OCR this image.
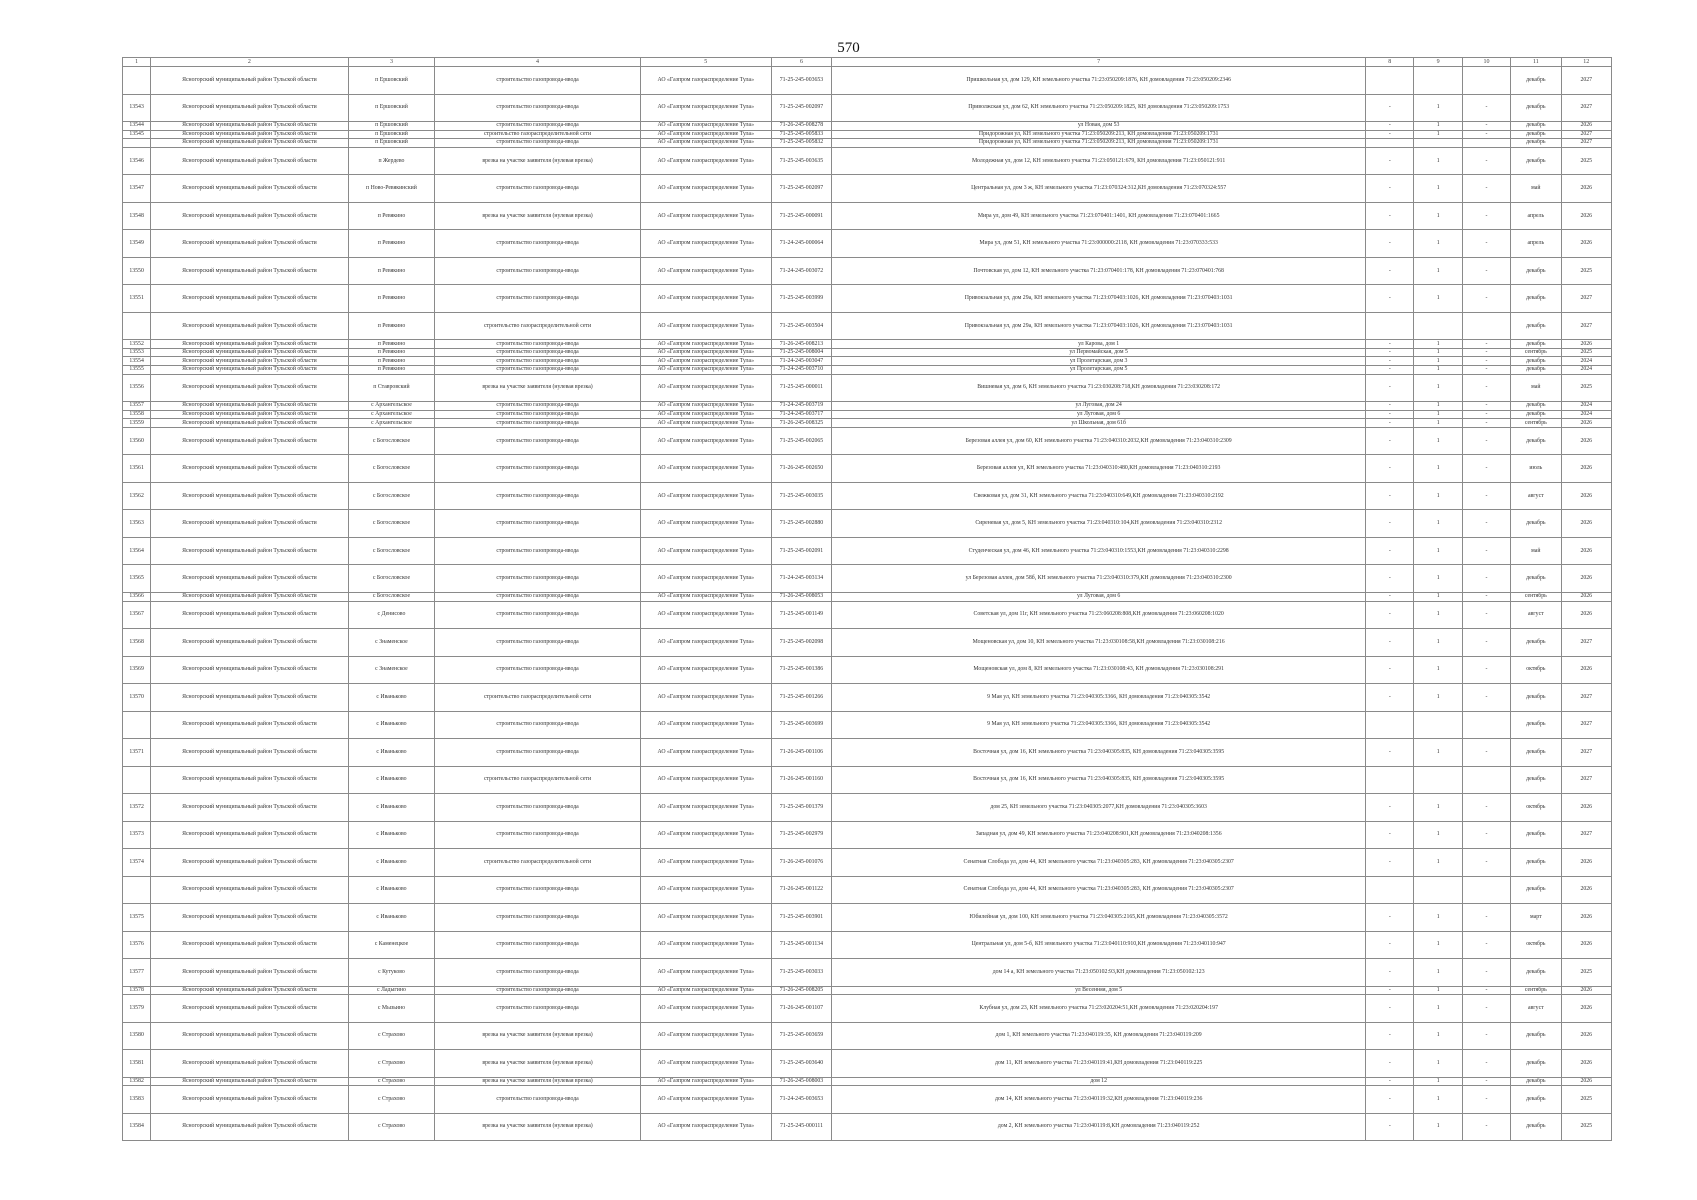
570
1	2	3	4	5	6	7	8	9	10	11	12
	Ясногорский муниципальный район Тульской области	п Ершовский	строительство газопровода-ввода	АО «Газпром газораспределение Тула»	71-25-245-003653	Пришкольная ул, дом 129, КН земельного участка 71:23:050209:1876, КН домовладения 71:23:050209:2346				декабрь	2027
13543	Ясногорский муниципальный район Тульской области	п Ершовский	строительство газопровода-ввода	АО «Газпром газораспределение Тула»	71-25-245-002097	Приволжская ул, дом 62, КН земельного участка 71:23:050209:1825, КН домовладения 71:23:050209:1753	-	1	-	декабрь	2027
13544	Ясногорский муниципальный район Тульской области	п Ершовский	строительство газопровода-ввода	АО «Газпром газораспределение Тула»	71-26-245-008278	ул Новая, дом 53	-	1	-	декабрь	2026
13545	Ясногорский муниципальный район Тульской области	п Ершовский	строительство газораспределительной сети	АО «Газпром газораспределение Тула»	71-25-245-005833	Придорожная ул, КН земельного участка 71:23:050209:213, КН домовладения 71:23:050209:1731	-	1	-	декабрь	2027
	Ясногорский муниципальный район Тульской области	п Ершовский	строительство газопровода-ввода	АО «Газпром газораспределение Тула»	71-25-245-005832	Придорожная ул, КН земельного участка 71:23:050209:213, КН домовладения 71:23:050209:1731				декабрь	2027
13546	Ясногорский муниципальный район Тульской области	п Жердево	врезка на участке заявителя (нулевая врезка)	АО «Газпром газораспределение Тула»	71-25-245-003635	Молодежная ул, дом 12, КН земельного участка 71:23:050121:679, КН домовладения 71:23:050121:911	-	1	-	декабрь	2025
13547	Ясногорский муниципальный район Тульской области	п Ново-Ревякинский	строительство газопровода-ввода	АО «Газпром газораспределение Тула»	71-25-245-002097	Центральная ул, дом 3 ж, КН земельного участка 71:23:070324:312,КН домовладения 71:23:070324:557	-	1	-	май	2026
13548	Ясногорский муниципальный район Тульской области	п Ревякино	врезка на участке заявителя (нулевая врезка)	АО «Газпром газораспределение Тула»	71-25-245-000091	Мира ул, дом 49, КН земельного участка 71:23:070401:1401, КН домовладения 71:23:070401:1665	-	1	-	апрель	2026
13549	Ясногорский муниципальный район Тульской области	п Ревякино	строительство газопровода-ввода	АО «Газпром газораспределение Тула»	71-24-245-000064	Мира ул, дом 51, КН земельного участка 71:23:000000:2118, КН домовладения 71:23:070333:533	-	1	-	апрель	2026
13550	Ясногорский муниципальный район Тульской области	п Ревякино	строительство газопровода-ввода	АО «Газпром газораспределение Тула»	71-24-245-003072	Почтовская ул, дом 12, КН земельного участка 71:23:070401:178, КН домовладения 71:23:070401:768	-	1	-	декабрь	2025
13551	Ясногорский муниципальный район Тульской области	п Ревякино	строительство газопровода-ввода	АО «Газпром газораспределение Тула»	71-25-245-003999	Привокзальная ул, дом 29а, КН земельного участка 71:23:070403:1026, КН домовладения 71:23:070403:1031	-	1	-	декабрь	2027
	Ясногорский муниципальный район Тульской области	п Ревякино	строительство газораспределительной сети	АО «Газпром газораспределение Тула»	71-25-245-003504	Привокзальная ул, дом 29а, КН земельного участка 71:23:070403:1026, КН домовладения 71:23:070403:1031				декабрь	2027
13552	Ясногорский муниципальный район Тульской области	п Ревякино	строительство газопровода-ввода	АО «Газпром газораспределение Тула»	71-26-245-008213	ул Карова, дом 1	-	1	-	декабрь	2026
13553	Ясногорский муниципальный район Тульской области	п Ревякино	строительство газопровода-ввода	АО «Газпром газораспределение Тула»	71-25-245-008004	ул Первомайская, дом 5	-	1	-	сентябрь	2025
13554	Ясногорский муниципальный район Тульской области	п Ревякино	строительство газопровода-ввода	АО «Газпром газораспределение Тула»	71-24-245-003047	ул Пролетарская, дом 3	-	1	-	декабрь	2024
13555	Ясногорский муниципальный район Тульской области	п Ревякино	строительство газопровода-ввода	АО «Газпром газораспределение Тула»	71-24-245-003710	ул Пролетарская, дом 5	-	1	-	декабрь	2024
13556	Ясногорский муниципальный район Тульской области	п Ставровский	врезка на участке заявителя (нулевая врезка)	АО «Газпром газораспределение Тула»	71-25-245-000011	Вишневая ул, дом 6, КН земельного участка 71:23:030208:718,КН домовладения 71:23:030208:172	-	1	-	май	2025
13557	Ясногорский муниципальный район Тульской области	с Архангельское	строительство газопровода-ввода	АО «Газпром газораспределение Тула»	71-24-245-003719	ул Луговая, дом 24	-	1	-	декабрь	2024
13558	Ясногорский муниципальный район Тульской области	с Архангельское	строительство газопровода-ввода	АО «Газпром газораспределение Тула»	71-24-245-003717	ул Луговая, дом 6	-	1	-	декабрь	2024
13559	Ясногорский муниципальный район Тульской области	с Архангельское	строительство газопровода-ввода	АО «Газпром газораспределение Тула»	71-26-245-008325	ул Школьная, дом 61б	-	1	-	сентябрь	2026
13560	Ясногорский муниципальный район Тульской области	с Богословское	строительство газопровода-ввода	АО «Газпром газораспределение Тула»	71-25-245-002065	Березовая аллея ул, дом 60, КН земельного участка 71:23:040310:2032,КН домовладения 71:23:040310:2309	-	1	-	декабрь	2026
13561	Ясногорский муниципальный район Тульской области	с Богословское	строительство газопровода-ввода	АО «Газпром газораспределение Тула»	71-26-245-002650	Березовая аллея ул, КН земельного участка 71:23:040310:480,КН домовладения 71:23:040310:2193	-	1	-	июль	2026
13562	Ясногорский муниципальный район Тульской области	с Богословское	строительство газопровода-ввода	АО «Газпром газораспределение Тула»	71-25-245-003035	Свежковая ул, дом 31, КН земельного участка 71:23:040310:649,КН домовладения 71:23:040310:2192	-	1	-	август	2026
13563	Ясногорский муниципальный район Тульской области	с Богословское	строительство газопровода-ввода	АО «Газпром газораспределение Тула»	71-25-245-002880	Сиреневая ул, дом 5, КН земельного участка 71:23:040310:104,КН домовладения 71:23:040310:2312	-	1	-	декабрь	2026
13564	Ясногорский муниципальный район Тульской области	с Богословское	строительство газопровода-ввода	АО «Газпром газораспределение Тула»	71-25-245-002091	Студенческая ул, дом 46, КН земельного участка 71:23:040310:1553,КН домовладения 71:23:040310:2298	-	1	-	май	2026
13565	Ясногорский муниципальный район Тульской области	с Богословское	строительство газопровода-ввода	АО «Газпром газораспределение Тула»	71-24-245-003134	ул Березовая аллея, дом 58б, КН земельного участка 71:23:040310:379,КН домовладения 71:23:040310:2300	-	1	-	декабрь	2026
13566	Ясногорский муниципальный район Тульской области	с Богословское	строительство газопровода-ввода	АО «Газпром газораспределение Тула»	71-26-245-008053	ул Луговая, дом 6	-	1	-	сентябрь	2026
13567	Ясногорский муниципальный район Тульской области	с Денисово	строительство газопровода-ввода	АО «Газпром газораспределение Тула»	71-25-245-001149	Советская ул, дом 11г, КН земельного участка 71:23:060208:808,КН домовладения 71:23:060208:1020	-	1	-	август	2026
13568	Ясногорский муниципальный район Тульской области	с Знаменское	строительство газопровода-ввода	АО «Газпром газораспределение Тула»	71-25-245-002098	Мощеновская ул, дом 10, КН земельного участка 71:23:030108:58,КН домовладения 71:23:030108:216	-	1	-	декабрь	2027
13569	Ясногорский муниципальный район Тульской области	с Знаменское	строительство газопровода-ввода	АО «Газпром газораспределение Тула»	71-25-245-001386	Мощеновская ул, дом 8, КН земельного участка 71:23:030108:43, КН домовладения 71:23:030108:291	-	1	-	октябрь	2026
13570	Ясногорский муниципальный район Тульской области	с Иваньково	строительство газораспределительной сети	АО «Газпром газораспределение Тула»	71-25-245-001266	9 Мая ул, КН земельного участка 71:23:040305:3366, КН домовладения 71:23:040305:3542	-	1	-	декабрь	2027
	Ясногорский муниципальный район Тульской области	с Иваньково	строительство газопровода-ввода	АО «Газпром газораспределение Тула»	71-25-245-003699	9 Мая ул, КН земельного участка 71:23:040305:3366, КН домовладения 71:23:040305:3542				декабрь	2027
13571	Ясногорский муниципальный район Тульской области	с Иваньково	строительство газопровода-ввода	АО «Газпром газораспределение Тула»	71-26-245-001106	Восточная ул, дом 16, КН земельного участка 71:23:040305:835, КН домовладения 71:23:040305:3595	-	1	-	декабрь	2027
	Ясногорский муниципальный район Тульской области	с Иваньково	строительство газораспределительной сети	АО «Газпром газораспределение Тула»	71-26-245-001160	Восточная ул, дом 16, КН земельного участка 71:23:040305:835, КН домовладения 71:23:040305:3595				декабрь	2027
13572	Ясногорский муниципальный район Тульской области	с Иваньково	строительство газопровода-ввода	АО «Газпром газораспределение Тула»	71-25-245-001379	дом 25, КН земельного участка 71:23:040305:2077,КН домовладения 71:23:040305:3603	-	1	-	октябрь	2026
13573	Ясногорский муниципальный район Тульской области	с Иваньково	строительство газопровода-ввода	АО «Газпром газораспределение Тула»	71-25-245-002979	Западная ул, дом 49, КН земельного участка 71:23:040208:901,КН домовладения 71:23:040208:1356	-	1	-	декабрь	2027
13574	Ясногорский муниципальный район Тульской области	с Иваньково	строительство газораспределительной сети	АО «Газпром газораспределение Тула»	71-26-245-001076	Сенатная Слобода ул, дом 44, КН земельного участка 71:23:040305:283, КН домовладения 71:23:040305:2307	-	1	-	декабрь	2026
	Ясногорский муниципальный район Тульской области	с Иваньково	строительство газопровода-ввода	АО «Газпром газораспределение Тула»	71-26-245-001122	Сенатная Слобода ул, дом 44, КН земельного участка 71:23:040305:283, КН домовладения 71:23:040305:2307				декабрь	2026
13575	Ясногорский муниципальный район Тульской области	с Иваньково	строительство газопровода-ввода	АО «Газпром газораспределение Тула»	71-25-245-003901	Юбилейная ул, дом 100, КН земельного участка 71:23:040305:2165,КН домовладения 71:23:040305:3572	-	1	-	март	2026
13576	Ясногорский муниципальный район Тульской области	с Каменецкое	строительство газопровода-ввода	АО «Газпром газораспределение Тула»	71-25-245-001134	Центральная ул, дом 5-б, КН земельного участка 71:23:040110:910,КН домовладения 71:23:040110:947	-	1	-	октябрь	2026
13577	Ясногорский муниципальный район Тульской области	с Кутуково	строительство газопровода-ввода	АО «Газпром газораспределение Тула»	71-25-245-003033	дом 14 а, КН земельного участка 71:23:050102:93,КН домовладения 71:23:050102:123	-	1	-	декабрь	2025
13578	Ясногорский муниципальный район Тульской области	с Ладыгино	строительство газопровода-ввода	АО «Газпром газораспределение Тула»	71-26-245-008205	ул Весенняя, дом 5	-	1	-	сентябрь	2026
13579	Ясногорский муниципальный район Тульской области	с Мызьино	строительство газопровода-ввода	АО «Газпром газораспределение Тула»	71-26-245-001107	Клубная ул, дом 23, КН земельного участка 71:23:020204:51,КН домовладения 71:23:020204:197	-	1	-	август	2026
13580	Ясногорский муниципальный район Тульской области	с Страхово	врезка на участке заявителя (нулевая врезка)	АО «Газпром газораспределение Тула»	71-25-245-003659	дом 1, КН земельного участка 71:23:040119:35, КН домовладения 71:23:040119:209	-	1	-	декабрь	2026
13581	Ясногорский муниципальный район Тульской области	с Страхово	врезка на участке заявителя (нулевая врезка)	АО «Газпром газораспределение Тула»	71-25-245-003640	дом 11, КН земельного участка 71:23:040119:41,КН домовладения 71:23:040119:225	-	1	-	декабрь	2026
13582	Ясногорский муниципальный район Тульской области	с Страхово	врезка на участке заявителя (нулевая врезка)	АО «Газпром газораспределение Тула»	71-26-245-008003	дом 12	-	1	-	декабрь	2026
13583	Ясногорский муниципальный район Тульской области	с Страхово	строительство газопровода-ввода	АО «Газпром газораспределение Тула»	71-24-245-003653	дом 14, КН земельного участка 71:23:040119:32,КН домовладения 71:23:040119:236	-	1	-	декабрь	2025
13584	Ясногорский муниципальный район Тульской области	с Страхово	врезка на участке заявителя (нулевая врезка)	АО «Газпром газораспределение Тула»	71-25-245-000111	дом 2, КН земельного участка 71:23:040119:8,КН домовладения 71:23:040119:252	-	1	-	декабрь	2025
